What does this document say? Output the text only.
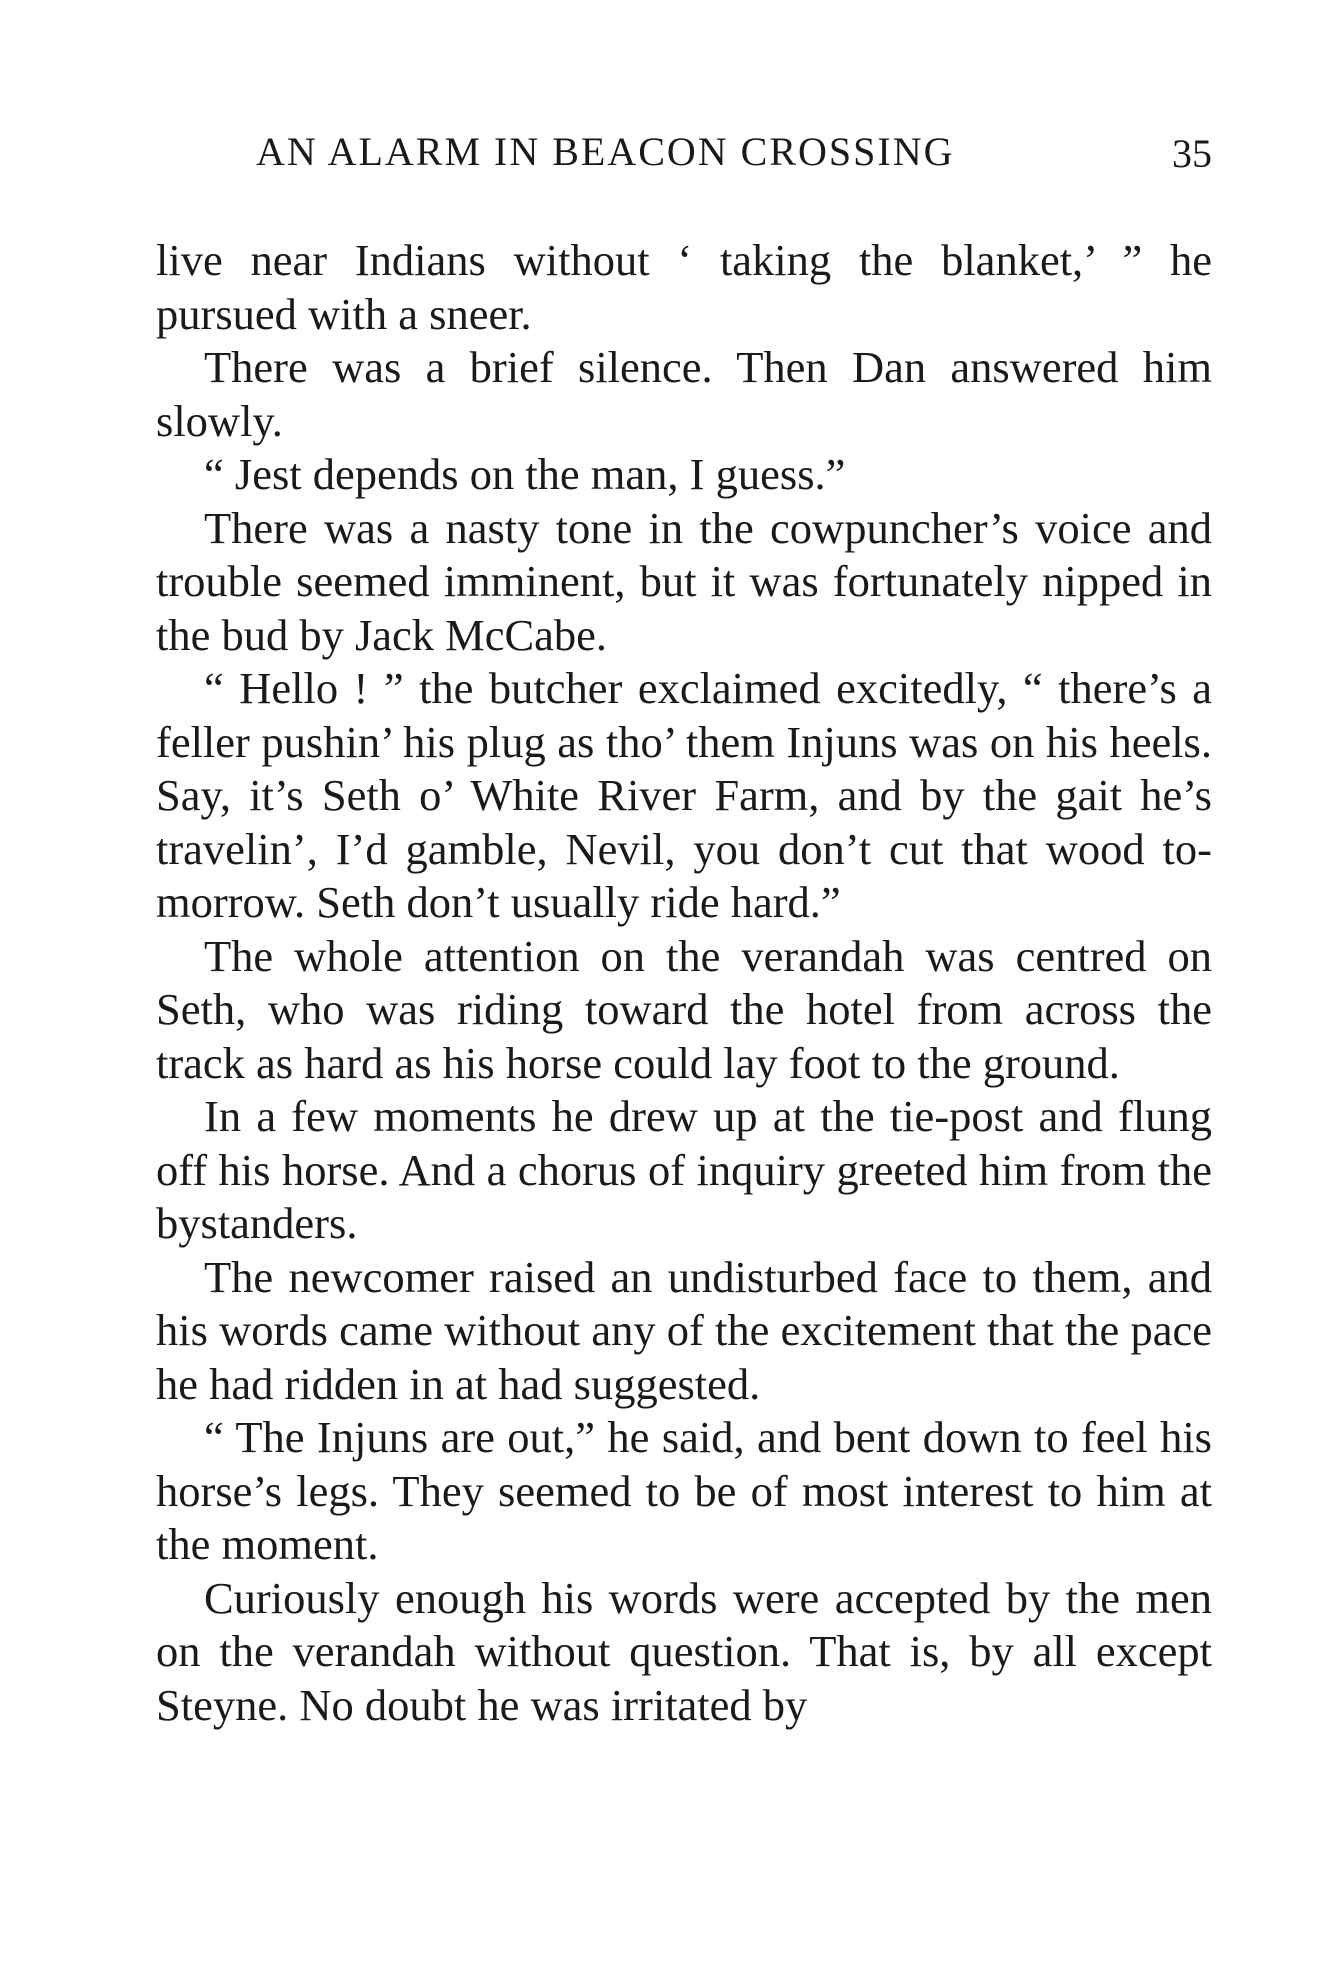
AN ALARM IN BEACON CROSSING	35

live near Indians without ‘ taking the blanket,’ ” he pursued with a sneer.

There was a brief silence. Then Dan answered him slowly.

“ Jest depends on the man, I guess.”

There was a nasty tone in the cowpuncher’s voice and trouble seemed imminent, but it was fortunately nipped in the bud by Jack McCabe.

“ Hello ! ” the butcher exclaimed excitedly, “ there’s a feller pushin’ his plug as tho’ them Injuns was on his heels. Say, it’s Seth o’ White River Farm, and by the gait he’s travelin’, I’d gamble, Nevil, you don’t cut that wood to-morrow. Seth don’t usually ride hard.”

The whole attention on the verandah was centred on Seth, who was riding toward the hotel from across the track as hard as his horse could lay foot to the ground.

In a few moments he drew up at the tie-post and flung off his horse. And a chorus of inquiry greeted him from the bystanders.

The newcomer raised an undisturbed face to them, and his words came without any of the excitement that the pace he had ridden in at had suggested.

“ The Injuns are out,” he said, and bent down to feel his horse’s legs. They seemed to be of most interest to him at the moment.

Curiously enough his words were accepted by the men on the verandah without question. That is, by all except Steyne. No doubt he was irritated by
